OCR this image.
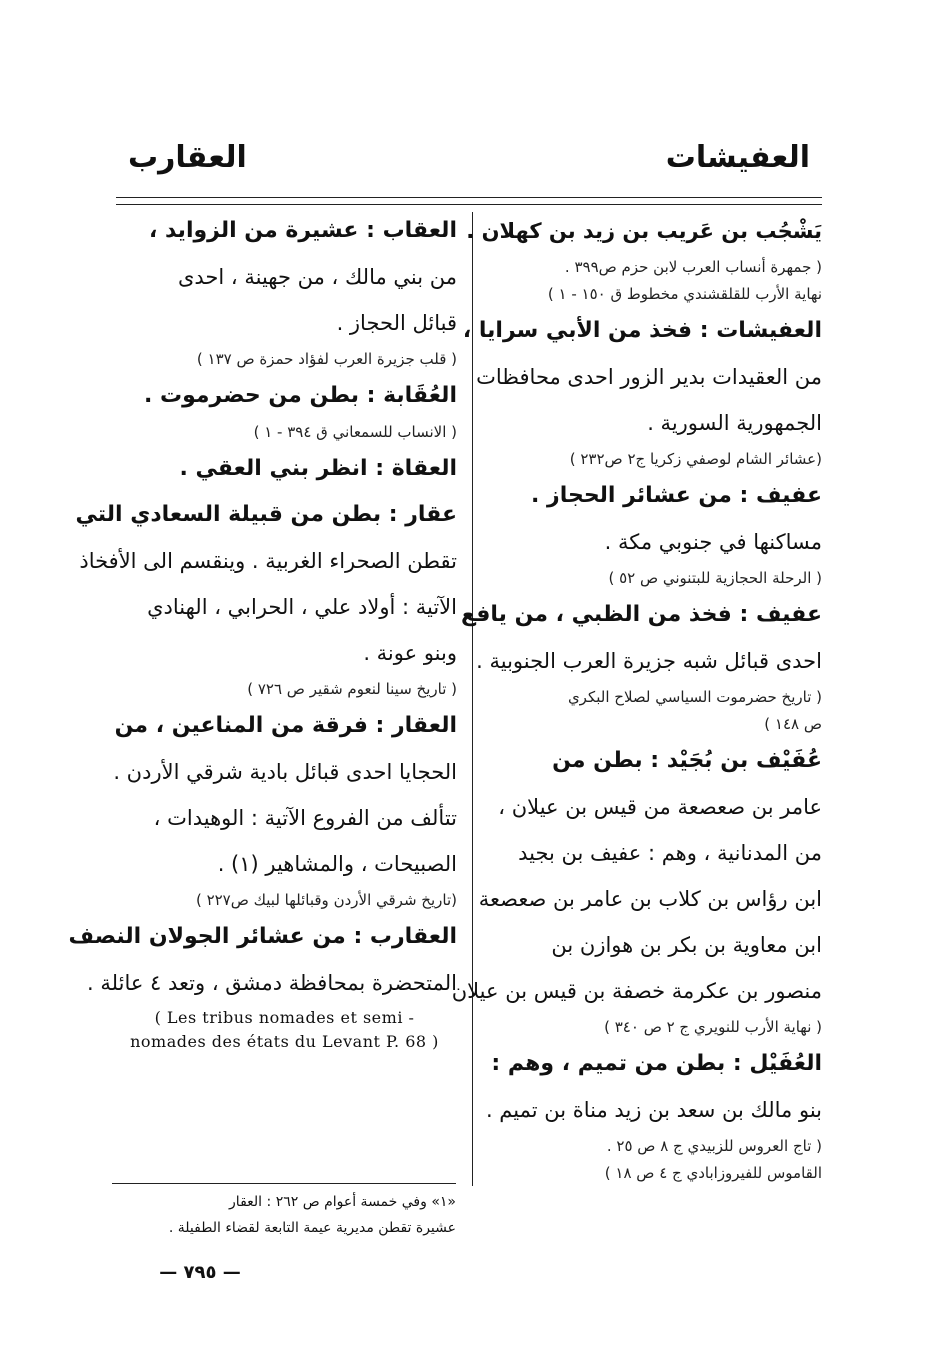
العفيشات
العقارب
يَشْجُب بن عَريب بن زيد بن كهلان .
( جمهرة أنساب العرب لابن حزم ص٣٩٩ .
نهاية الأرب للقلقشندي مخطوط ق ١٥٠ - ١ )
العفيشات : فخذ من الأبي سرايا ،
من العقيدات بدير الزور احدى محافظات
الجمهورية السورية .
(عشائر الشام لوصفي زكريا ج٢ ص٢٣٢ )
عفيف : من عشائر الحجاز .
مساكنها في جنوبي مكة .
( الرحلة الحجازية للبتنوني ص ٥٢ )
عفيف : فخذ من الظبي ، من يافع
احدى قبائل شبه جزيرة العرب الجنوبية .
( تاريخ حضرموت السياسي لصلاح البكري
ص ١٤٨ )
عُفَيْف بن بُجَيْد : بطن من
عامر بن صعصعة من قيس بن عيلان ،
من المدنانية ، وهم : عفيف بن بجيد
ابن رؤاس بن كلاب بن عامر بن صعصعة
ابن معاوية بن بكر بن هوازن بن
منصور بن عكرمة خصفة بن قيس بن عيلان
( نهاية الأرب للنويري ج ٢ ص ٣٤٠ )
العُفَيْل : بطن من تميم ، وهم :
بنو مالك بن سعد بن زيد مناة بن تميم .
( تاج العروس للزبيدي ج ٨ ص ٢٥ .
القاموس للفيروزابادي ج ٤ ص ١٨ )
العقاب : عشيرة من الزوايد ،
من بني مالك ، من جهينة ، احدى
قبائل الحجاز .
( قلب جزيرة العرب لفؤاد حمزة ص ١٣٧ )
العُقَابة : بطن من حضرموت .
( الانساب للسمعاني ق ٣٩٤ - ١ )
العقاة : انظر بني العقي .
عقار : بطن من قبيلة السعادي التي
تقطن الصحراء الغربية . وينقسم الى الأفخاذ
الآتية : أولاد علي ، الحرابي ، الهنادي
وبنو عونة .
( تاريخ سينا لنعوم شقير ص ٧٢٦ )
العقار : فرقة من المناعين ، من
الحجايا احدى قبائل بادية شرقي الأردن .
تتألف من الفروع الآتية : الوهيدات ،
الصبيحات ، والمشاهير (١) .
(تاريخ شرقي الأردن وقبائلها لبيك ص٢٢٧ )
العقارب : من عشائر الجولان النصف
المتحضرة بمحافظة دمشق ، وتعد ٤ عائلة .
( Les tribus nomades et semi -
nomades des états du Levant P. 68 )
«١» وفي خمسة أعوام ص ٢٦٢ : العقار
عشيرة تقطن مديرية عيمة التابعة لقضاء الطفيلة .
— ٧٩٥ —
